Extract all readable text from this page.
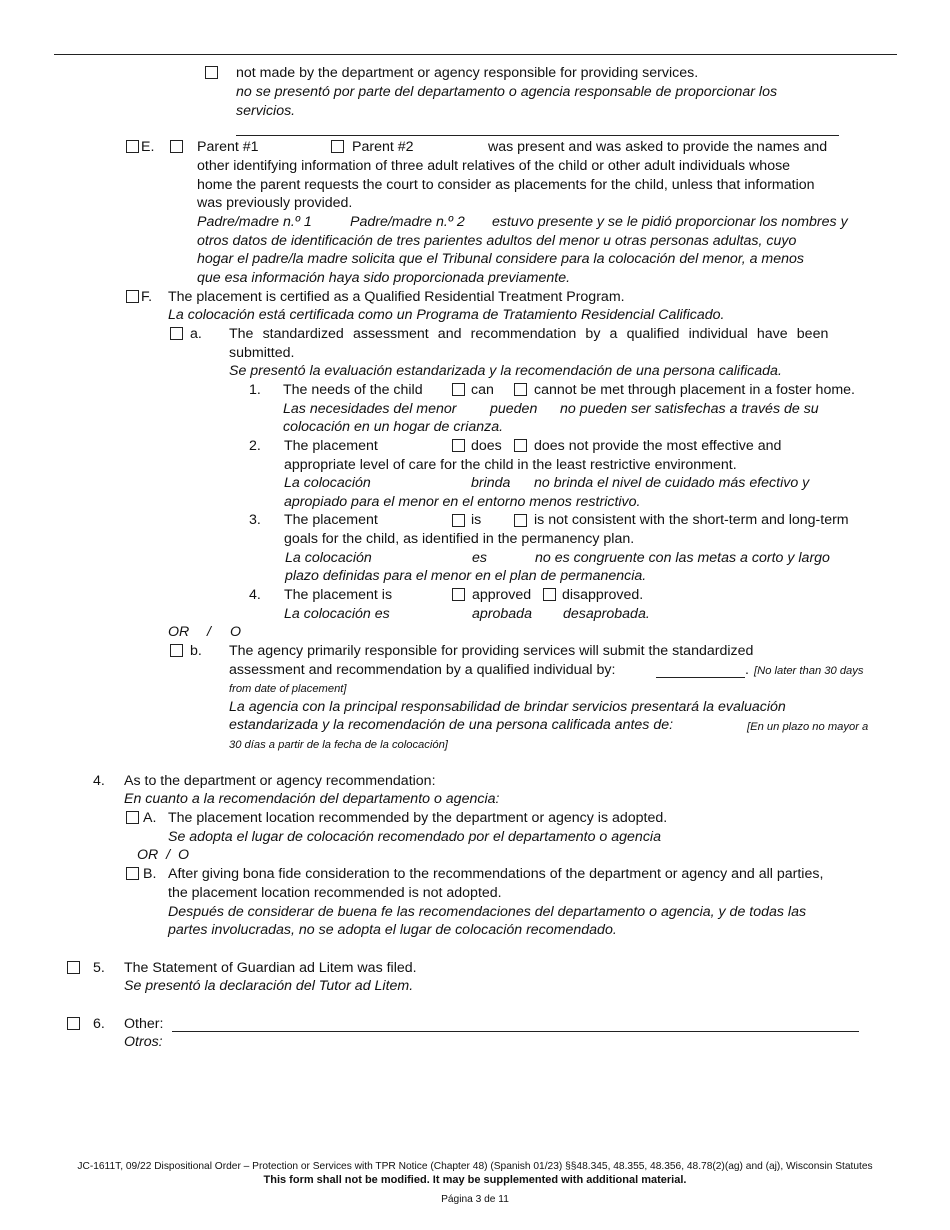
not made by the department or agency responsible for providing services.
no se presentó por parte del departamento o agencia responsable de proporcionar los
servicios.
E.	Parent #1	Parent #2	was present and was asked to provide the names and
other identifying information of three adult relatives of the child or other adult individuals whose
home the parent requests the court to consider as placements for the child, unless that information
was previously provided.
Padre/madre n.º 1	Padre/madre n.º 2 estuvo presente y se le pidió proporcionar los nombres y
otros datos de identificación de tres parientes adultos del menor u otras personas adultas, cuyo
hogar el padre/la madre solicita que el Tribunal considere para la colocación del menor, a menos
que esa información haya sido proporcionada previamente.
F. The placement is certified as a Qualified Residential Treatment Program.
La colocación está certificada como un Programa de Tratamiento Residencial Calificado.
a. The standardized assessment and recommendation by a qualified individual have been
submitted.
Se presentó la evaluación estandarizada y la recomendación de una persona calificada.
1. The needs of the child	can	cannot be met through placement in a foster home.
Las necesidades del menor pueden no pueden ser satisfechas a través de su
colocación en un hogar de crianza.
2. The placement	does does not provide the most effective and
appropriate level of care for the child in the least restrictive environment.
La colocación	brinda no brinda el nivel de cuidado más efectivo y
apropiado para el menor en el entorno menos restrictivo.
3. The placement	is	is not consistent with the short-term and long-term
goals for the child, as identified in the permanency plan.
La colocación	es	no es congruente con las metas a corto y largo
plazo definidas para el menor en el plan de permanencia.
4. The placement is	approved disapproved.
La colocación es	aprobada desaprobada.
OR / O
b. The agency primarily responsible for providing services will submit the standardized
assessment and recommendation by a qualified individual by:	. [No later than 30 days
from date of placement]
La agencia con la principal responsabilidad de brindar servicios presentará la evaluación
estandarizada y la recomendación de una persona calificada antes de:	[En un plazo no mayor a
30 días a partir de la fecha de la colocación]
4. As to the department or agency recommendation:
En cuanto a la recomendación del departamento o agencia:
A. The placement location recommended by the department or agency is adopted.
Se adopta el lugar de colocación recomendado por el departamento o agencia
OR  /  O
B. After giving bona fide consideration to the recommendations of the department or agency and all parties,
the placement location recommended is not adopted.
Después de considerar de buena fe las recomendaciones del departamento o agencia, y de todas las
partes involucradas, no se adopta el lugar de colocación recomendado.
5. The Statement of Guardian ad Litem was filed.
Se presentó la declaración del Tutor ad Litem.
6. Other:
Otros:
JC-1611T, 09/22 Dispositional Order – Protection or Services with TPR Notice (Chapter 48) (Spanish 01/23) §§48.345, 48.355, 48.356, 48.78(2)(ag) and (aj), Wisconsin Statutes
This form shall not be modified. It may be supplemented with additional material.
Página 3 de 11
